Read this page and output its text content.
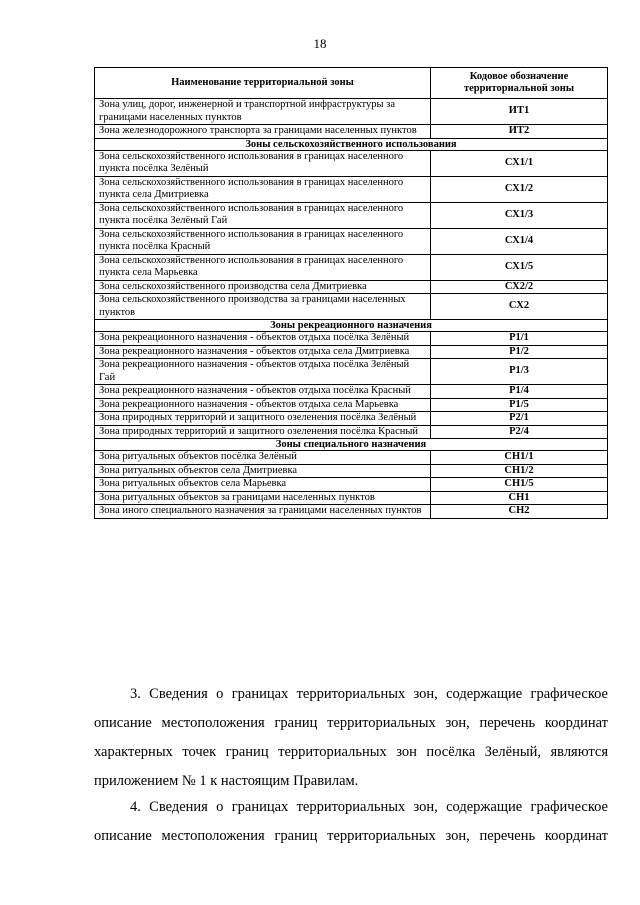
18
Наименование территориальной зоны	Кодовое обозначение территориальной зоны
Зона улиц, дорог, инженерной и транспортной инфраструктуры за границами населенных пунктов	ИТ1
Зона железнодорожного транспорта за границами населенных пунктов	ИТ2
Зоны сельскохозяйственного использования	
Зона сельскохозяйственного использования в границах населенного пункта посёлка Зелёный	СХ1/1
Зона сельскохозяйственного использования в границах населенного пункта села Дмитриевка	СХ1/2
Зона сельскохозяйственного использования в границах населенного пункта посёлка Зелёный Гай	СХ1/3
Зона сельскохозяйственного использования в границах населенного пункта посёлка Красный	СХ1/4
Зона сельскохозяйственного использования в границах населенного пункта села Марьевка	СХ1/5
Зона сельскохозяйственного производства села Дмитриевка	СХ2/2
Зона сельскохозяйственного производства за границами населенных пунктов	СХ2
Зоны рекреационного назначения	
Зона рекреационного назначения - объектов отдыха посёлка Зелёный	Р1/1
Зона рекреационного назначения - объектов отдыха села Дмитриевка	Р1/2
Зона рекреационного назначения - объектов отдыха посёлка Зелёный Гай	Р1/3
Зона рекреационного назначения - объектов отдыха посёлка Красный	Р1/4
Зона рекреационного назначения - объектов отдыха села Марьевка	Р1/5
Зона природных территорий и защитного озеленения посёлка Зелёный	Р2/1
Зона природных территорий и защитного озеленения посёлка Красный	Р2/4
Зоны специального назначения	
Зона ритуальных объектов посёлка Зелёный	СН1/1
Зона ритуальных объектов села Дмитриевка	СН1/2
Зона ритуальных объектов села Марьевка	СН1/5
Зона ритуальных объектов за границами населенных пунктов	СН1
Зона иного специального назначения за границами населенных пунктов	СН2
3. Сведения о границах территориальных зон, содержащие графическое
описание местоположения границ территориальных зон, перечень координат
характерных точек границ территориальных зон посёлка Зелёный, являются
приложением № 1 к настоящим Правилам.
4. Сведения о границах территориальных зон, содержащие графическое
описание местоположения границ территориальных зон, перечень координат
